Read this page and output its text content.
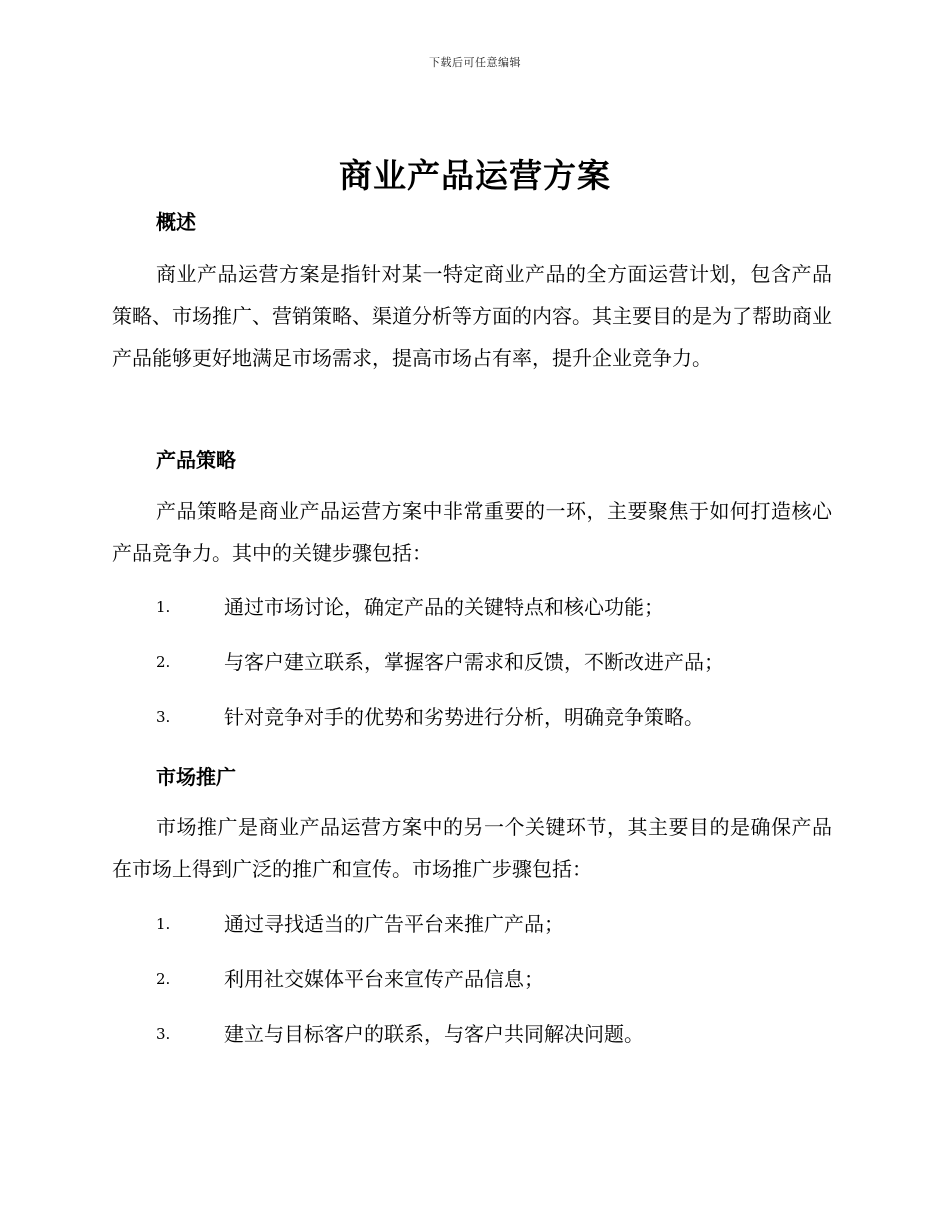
下载后可任意编辑
商业产品运营方案
概述

商业产品运营方案是指针对某一特定商业产品的全方面运营计划，包含产品策略、市场推广、营销策略、渠道分析等方面的内容。其主要目的是为了帮助商业产品能够更好地满足市场需求，提高市场占有率，提升企业竞争力。

产品策略

产品策略是商业产品运营方案中非常重要的一环，主要聚焦于如何打造核心产品竞争力。其中的关键步骤包括：

1.	通过市场讨论，确定产品的关键特点和核心功能；
2.	与客户建立联系，掌握客户需求和反馈，不断改进产品；
3.	针对竞争对手的优势和劣势进行分析，明确竞争策略。
市场推广

市场推广是商业产品运营方案中的另一个关键环节，其主要目的是确保产品在市场上得到广泛的推广和宣传。市场推广步骤包括：

1.	通过寻找适当的广告平台来推广产品；
2.	利用社交媒体平台来宣传产品信息；
3.	建立与目标客户的联系，与客户共同解决问题。
